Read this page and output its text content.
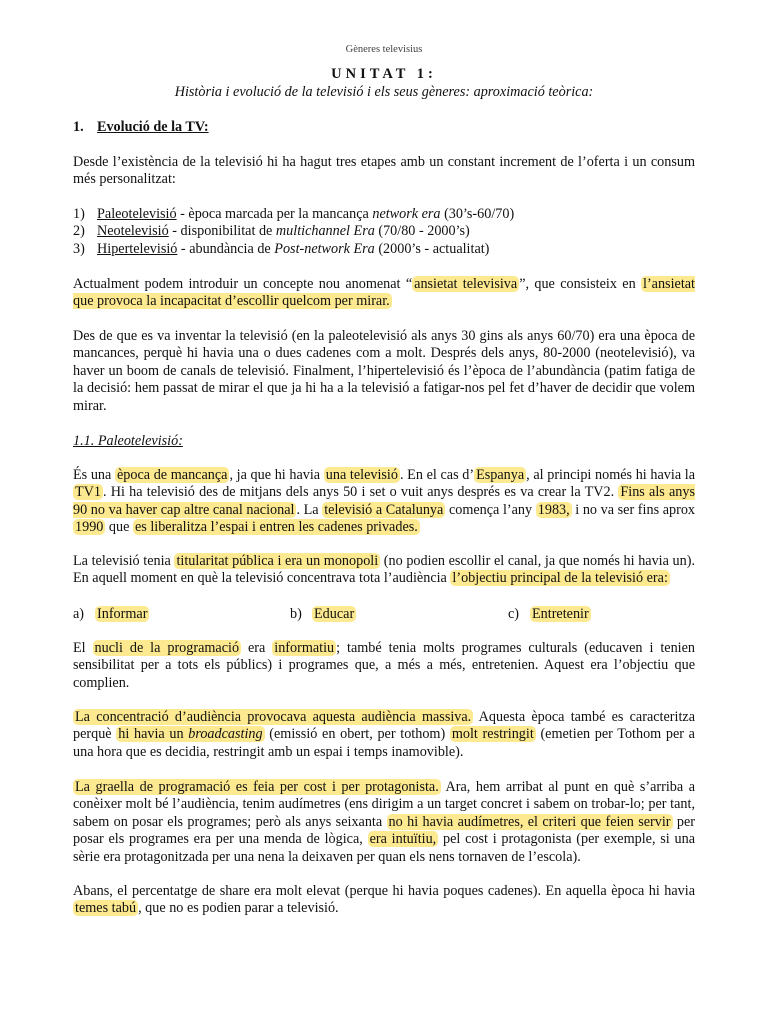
Gèneres televisius
UNITAT 1:
Història i evolució de la televisió i els seus gèneres: aproximació teòrica:
1. Evolució de la TV:
Desde l’existència de la televisió hi ha hagut tres etapes amb un constant increment de l’oferta i un consum més personalitzat:
1) Paleotelevisió - època marcada per la mancança network era (30’s-60/70)
2) Neotelevisió - disponibilitat de multichannel Era (70/80 - 2000’s)
3) Hipertelevisió - abundància de Post-network Era (2000’s - actualitat)
Actualment podem introduir un concepte nou anomenat “ ansietat televisiva ”, que consisteix en l’ansietat que provoca la incapacitat d’escollir quelcom per mirar.
Des de que es va inventar la televisió (en la paleotelevisió als anys 30 gins als anys 60/70) era una època de mancances, perquè hi havia una o dues cadenes com a molt. Després dels anys, 80-2000 (neotelevisió), va haver un boom de canals de televisió. Finalment, l’hipertelevisió és l’època de l’abundància (patim fatiga de la decisió: hem passat de mirar el que ja hi ha a la televisió a fatigar-nos pel fet d’haver de decidir que volem mirar.
1.1. Paleotelevisió:
És una època de mancança , ja que hi havia una televisió . En el cas d’ Espanya , al principi només hi havia la TV1 . Hi ha televisió des de mitjans dels anys 50 i set o vuit anys després es va crear la TV2. Fins als anys 90 no va haver cap altre canal nacional . La televisió a Catalunya comença l’any 1983, i no va ser fins aprox 1990 que es liberalitza l’espai i entren les cadenes privades.
La televisió tenia titularitat pública i era un monopoli (no podien escollir el canal, ja que només hi havia un). En aquell moment en què la televisió concentrava tota l’audiència l’objectiu principal de la televisió era:
a) Informar	b) Educar	c) Entretenir
El nucli de la programació era informatiu ; també tenia molts programes culturals (educaven i tenien sensibilitat per a tots els públics) i programes que, a més a més, entretenien. Aquest era l’objectiu que complien.
La concentració d’audiència provocava aquesta audiència massiva. Aquesta època també es caracteritza perquè hi havia un broadcasting (emissió en obert, per tothom) molt restringit (emetien per Tothom per a una hora que es decidia, restringit amb un espai i temps inamovible).
La graella de programació es feia per cost i per protagonista. Ara, hem arribat al punt en què s’arriba a conèixer molt bé l’audiència, tenim audímetres (ens dirigim a un target concret i sabem on trobar-lo; per tant, sabem on posar els programes; però als anys seixanta no hi havia audímetres, el criteri que feien servir per posar els programes era per una menda de lògica, era intuïtiu, pel cost i protagonista (per exemple, si una sèrie era protagonitzada per una nena la deixaven per quan els nens tornaven de l’escola).
Abans, el percentatge de share era molt elevat (perque hi havia poques cadenes). En aquella època hi havia temes tabú , que no es podien parar a televisió.
